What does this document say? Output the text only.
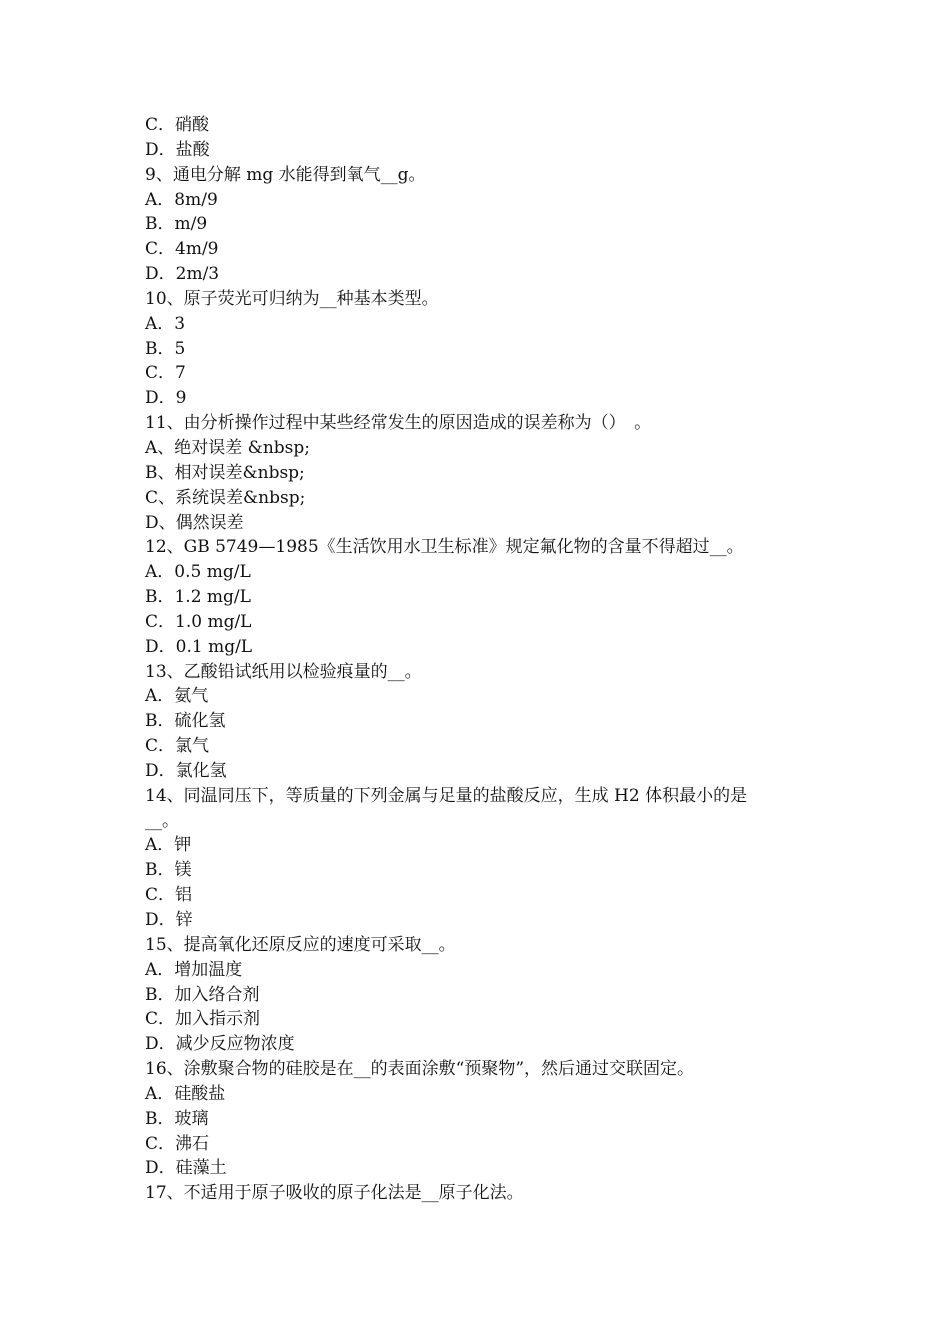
C．硝酸
D．盐酸
9、通电分解 mg 水能得到氧气__g。
A．8m/9
B．m/9
C．4m/9
D．2m/3
10、原子荧光可归纳为__种基本类型。
A．3
B．5
C．7
D．9
11、由分析操作过程中某些经常发生的原因造成的误差称为（）　。
A、绝对误差 &nbsp;
B、相对误差&nbsp;
C、系统误差&nbsp;
D、偶然误差
12、GB 5749—1985《生活饮用水卫生标准》规定氟化物的含量不得超过__。
A．0.5 mg/L
B．1.2 mg/L
C．1.0 mg/L
D．0.1 mg/L
13、乙酸铅试纸用以检验痕量的__。
A．氨气
B．硫化氢
C．氯气
D．氯化氢
14、同温同压下，等质量的下列金属与足量的盐酸反应，生成 H2 体积最小的是
__。
A．钾
B．镁
C．铝
D．锌
15、提高氧化还原反应的速度可采取__。
A．增加温度
B．加入络合剂
C．加入指示剂
D．减少反应物浓度
16、涂敷聚合物的硅胶是在__的表面涂敷“预聚物”，然后通过交联固定。
A．硅酸盐
B．玻璃
C．沸石
D．硅藻土
17、不适用于原子吸收的原子化法是__原子化法。
